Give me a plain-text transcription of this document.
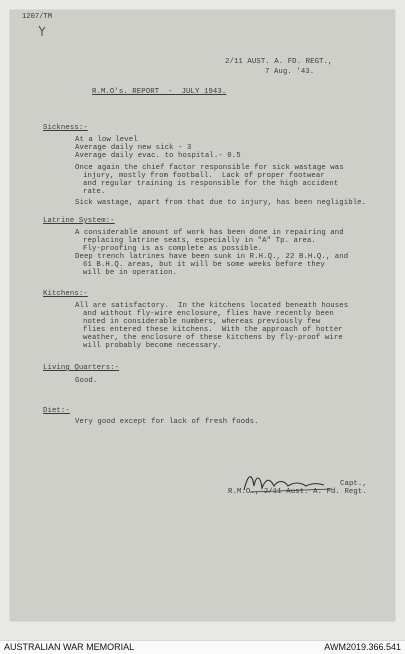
1207/TM
2/11 AUST. A. FD. REGT.,
7 Aug. '43.
R.M.O's. REPORT  -  JULY 1943.
Sickness:-
At a low level
Average daily new sick - 3
Average daily evac. to hospital.- 0.5
Once again the chief factor responsible for sick wastage was
injury, mostly from football.  Lack of proper footwear
and regular training is responsible for the high accident
rate.
Sick wastage, apart from that due to injury, has been negligible.
Latrine System:-
A considerable amount of work has been done in repairing and
replacing latrine seats, especially in "A" Tp. area.
Fly-proofing is as complete as possible.
Deep trench latrines have been sunk in R.H.Q., 22 B.H.Q., and
61 B.H.Q. areas, but it will be some weeks before they
will be in operation.
Kitchens:-
All are satisfactory.  In the kitchens located beneath houses
and without fly-wire enclosure, flies have recently been
noted in considerable numbers, whereas previously few
flies entered these kitchens.  With the approach of hotter
weather, the enclosure of these kitchens by fly-proof wire
will probably become necessary.
Living Quarters:-
Good.
Diet:-
Very good except for lack of fresh foods.
Capt.,
R.M.O., 2/11 Aust. A. Fd. Regt.
AUSTRALIAN WAR MEMORIAL	AWM2019.366.541
